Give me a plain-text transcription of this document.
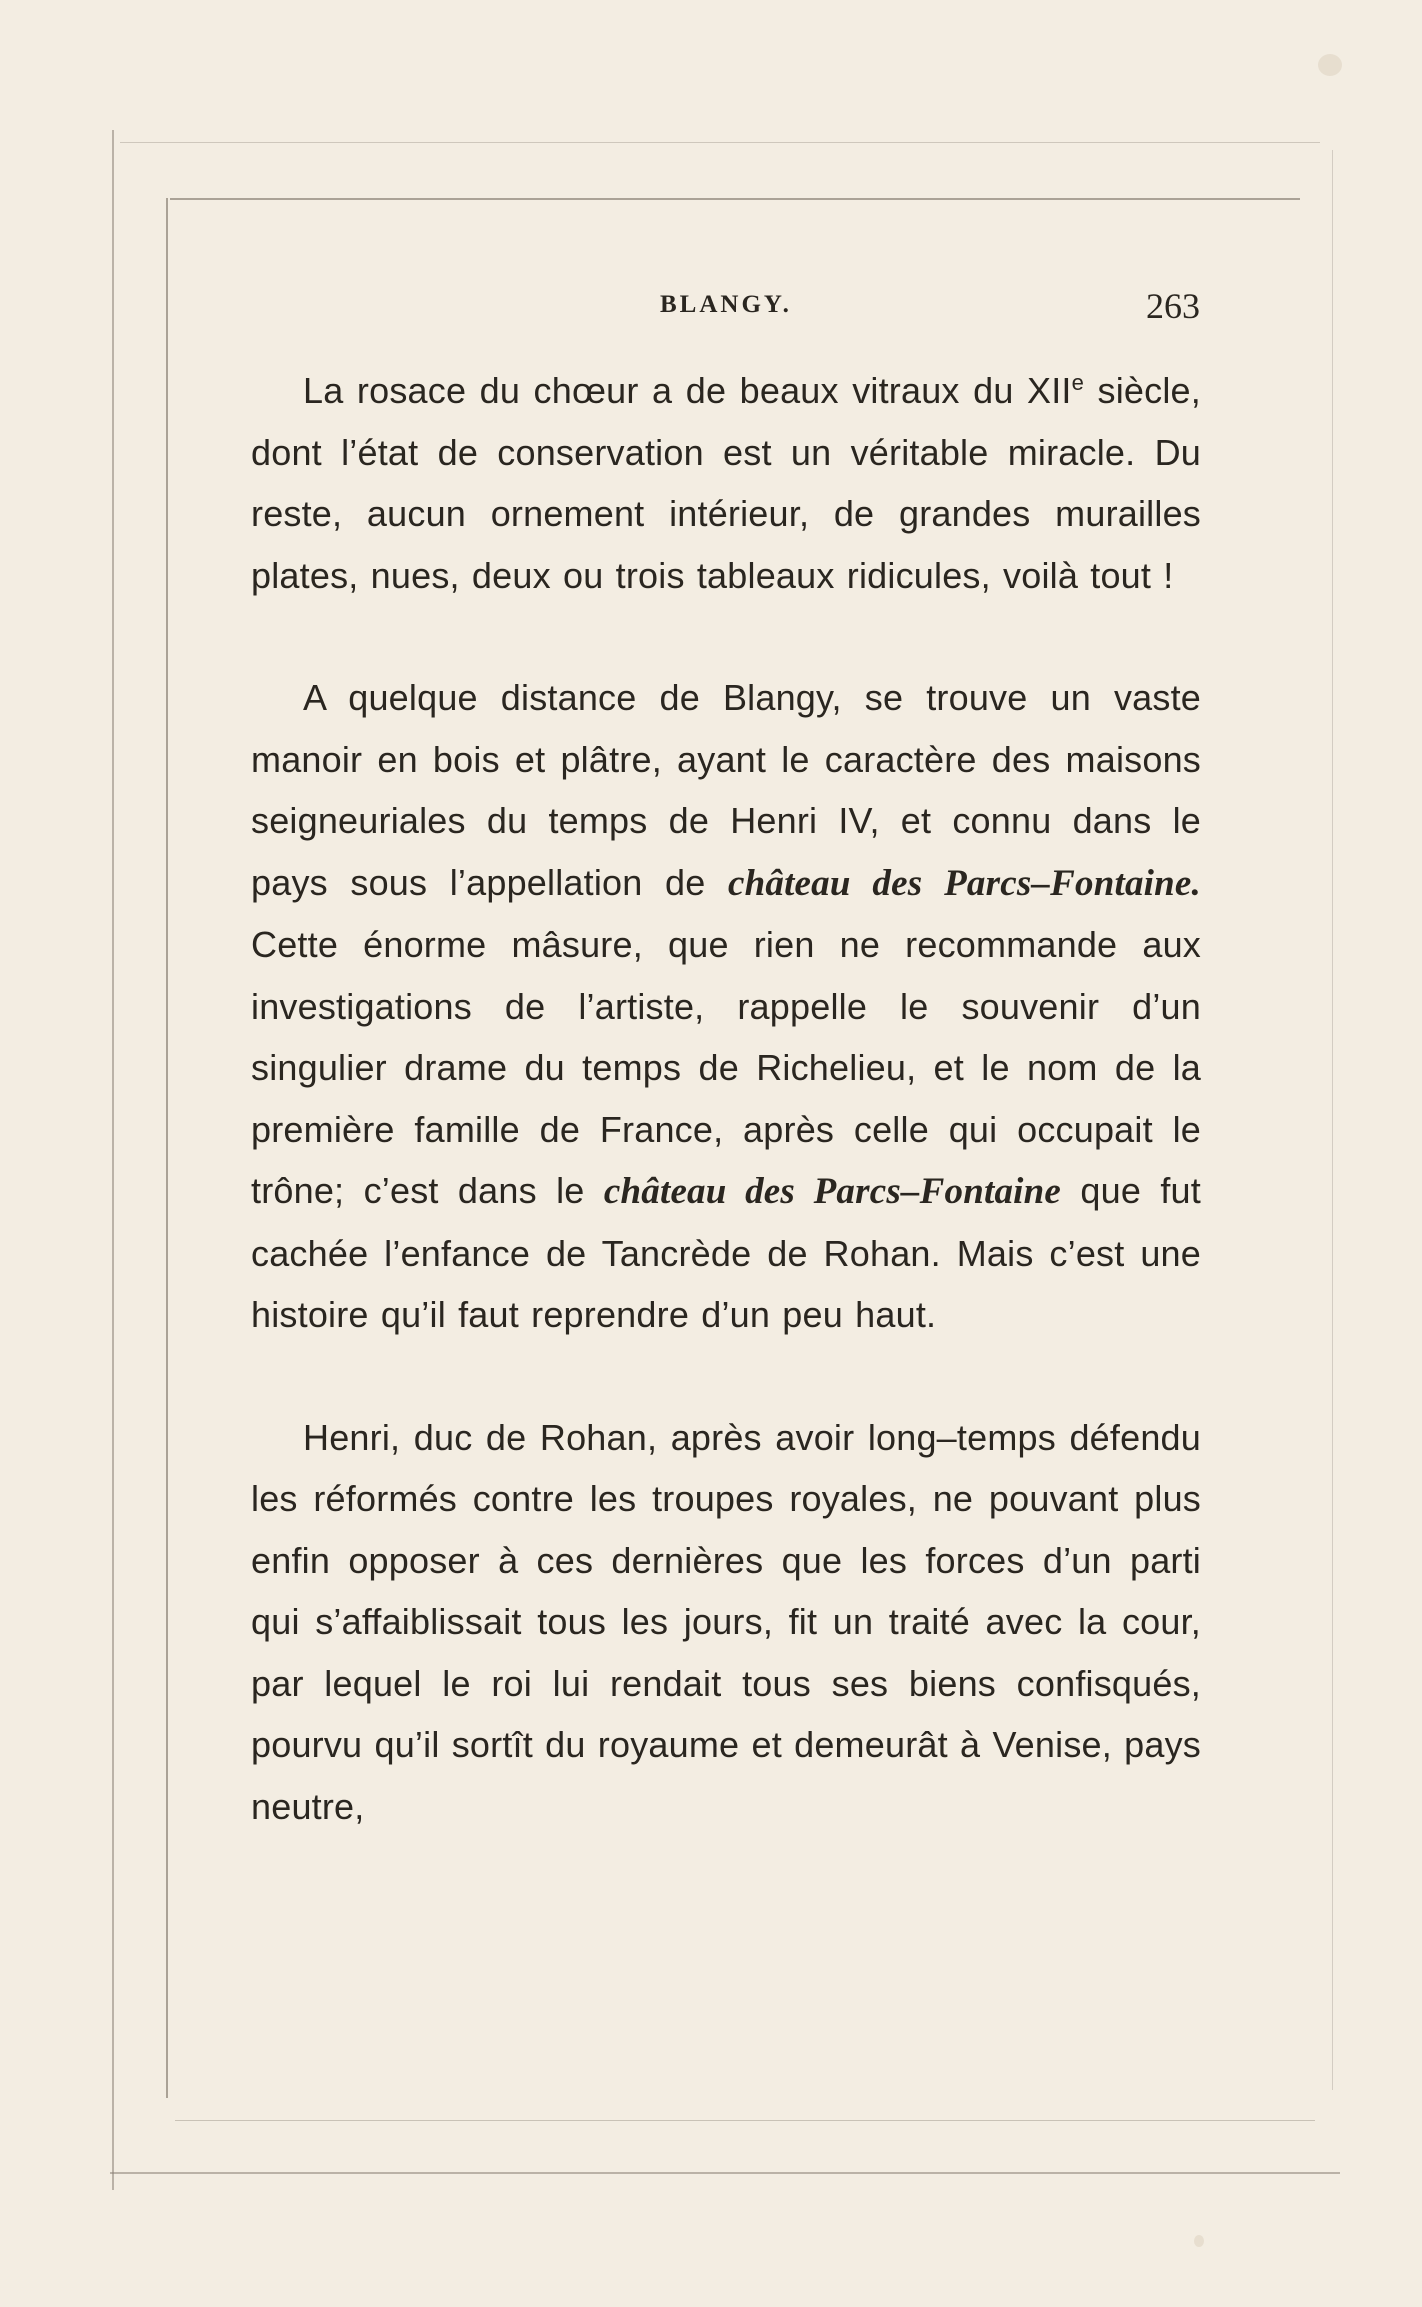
BLANGY.	263

La rosace du chœur a de beaux vitraux du XIIe siècle, dont l’état de conservation est un véritable miracle. Du reste, aucun ornement intérieur, de grandes murailles plates, nues, deux ou trois tableaux ridicules, voilà tout !

A quelque distance de Blangy, se trouve un vaste manoir en bois et plâtre, ayant le caractère des maisons seigneuriales du temps de Henri IV, et connu dans le pays sous l’appellation de château des Parcs–Fontaine. Cette énorme mâsure, que rien ne recommande aux investigations de l’artiste, rappelle le souvenir d’un singulier drame du temps de Richelieu, et le nom de la première famille de France, après celle qui occupait le trône; c’est dans le château des Parcs–Fontaine que fut cachée l’enfance de Tancrède de Rohan. Mais c’est une histoire qu’il faut reprendre d’un peu haut.

Henri, duc de Rohan, après avoir long–temps défendu les réformés contre les troupes royales, ne pouvant plus enfin opposer à ces dernières que les forces d’un parti qui s’affaiblissait tous les jours, fit un traité avec la cour, par lequel le roi lui rendait tous ses biens confisqués, pourvu qu’il sortît du royaume et demeurât à Venise, pays neutre,
